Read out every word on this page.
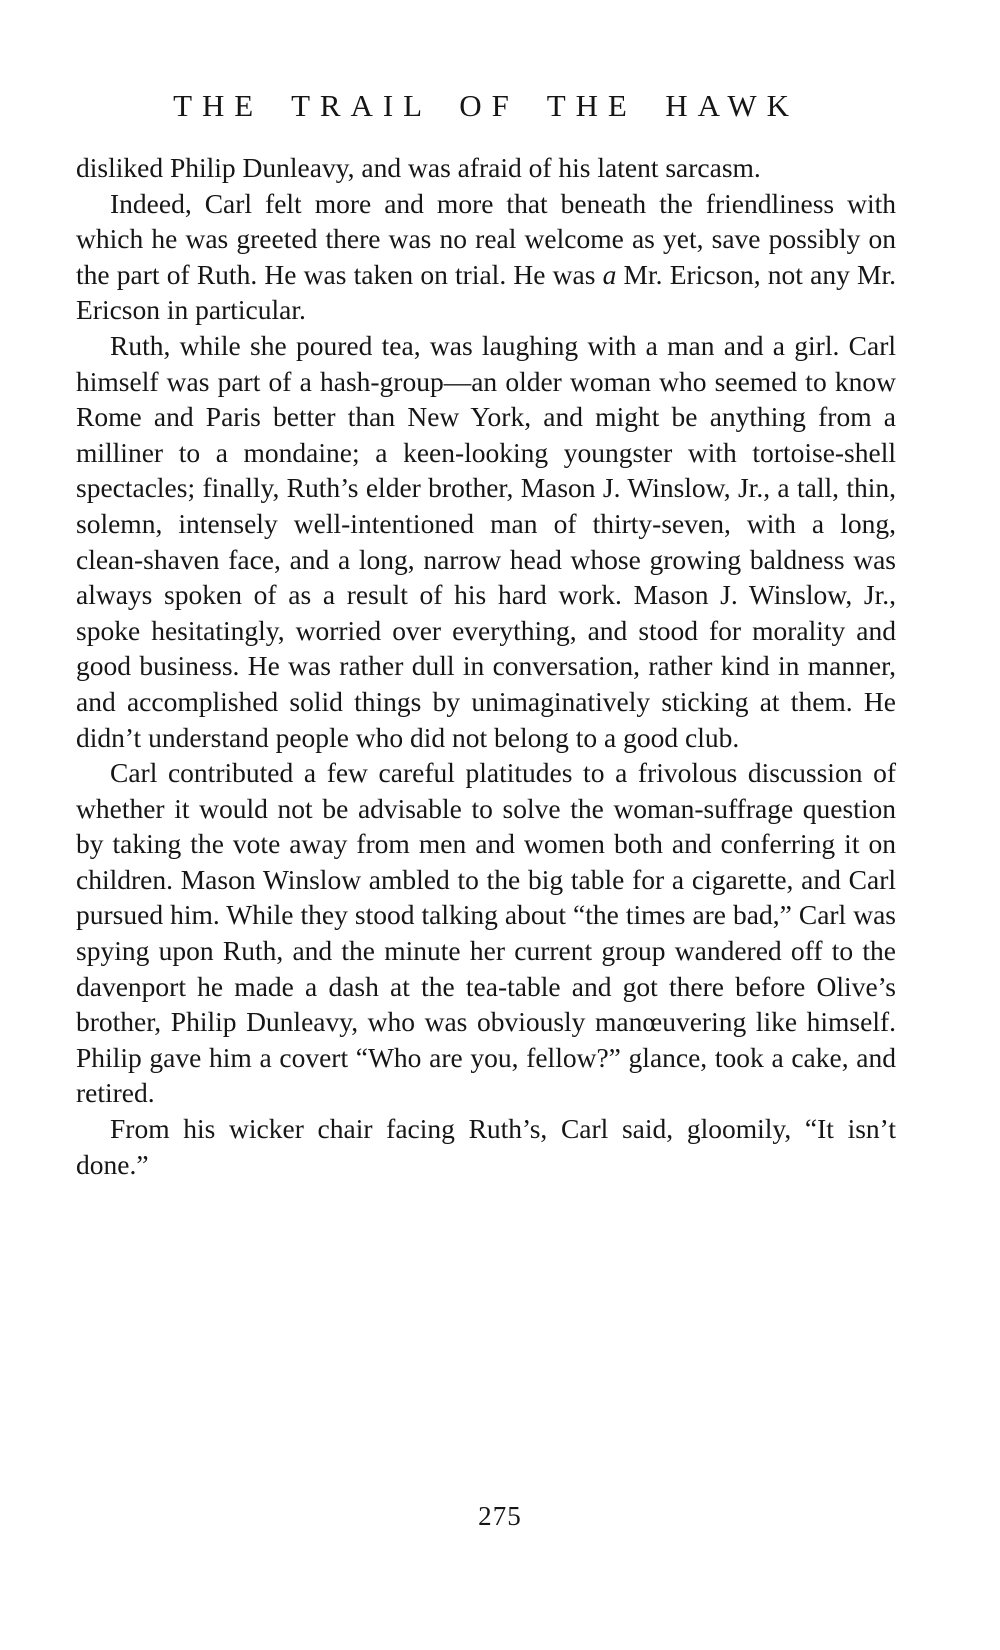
THE TRAIL OF THE HAWK

disliked Philip Dunleavy, and was afraid of his latent sarcasm.

Indeed, Carl felt more and more that beneath the friendliness with which he was greeted there was no real welcome as yet, save possibly on the part of Ruth. He was taken on trial. He was a Mr. Ericson, not any Mr. Ericson in particular.

Ruth, while she poured tea, was laughing with a man and a girl. Carl himself was part of a hash-group—an older woman who seemed to know Rome and Paris better than New York, and might be anything from a milliner to a mondaine; a keen-looking youngster with tortoise-shell spectacles; finally, Ruth’s elder brother, Mason J. Winslow, Jr., a tall, thin, solemn, intensely well-intentioned man of thirty-seven, with a long, clean-shaven face, and a long, narrow head whose growing baldness was always spoken of as a result of his hard work. Mason J. Winslow, Jr., spoke hesitatingly, worried over everything, and stood for morality and good business. He was rather dull in conversation, rather kind in manner, and accomplished solid things by unimaginatively sticking at them. He didn’t understand people who did not belong to a good club.

Carl contributed a few careful platitudes to a frivolous discussion of whether it would not be advisable to solve the woman-suffrage question by taking the vote away from men and women both and conferring it on children. Mason Winslow ambled to the big table for a cigarette, and Carl pursued him. While they stood talking about “the times are bad,” Carl was spying upon Ruth, and the minute her current group wandered off to the davenport he made a dash at the tea-table and got there before Olive’s brother, Philip Dunleavy, who was obviously manœuvering like himself. Philip gave him a covert “Who are you, fellow?” glance, took a cake, and retired.

From his wicker chair facing Ruth’s, Carl said, gloomily, “It isn’t done.”

275
